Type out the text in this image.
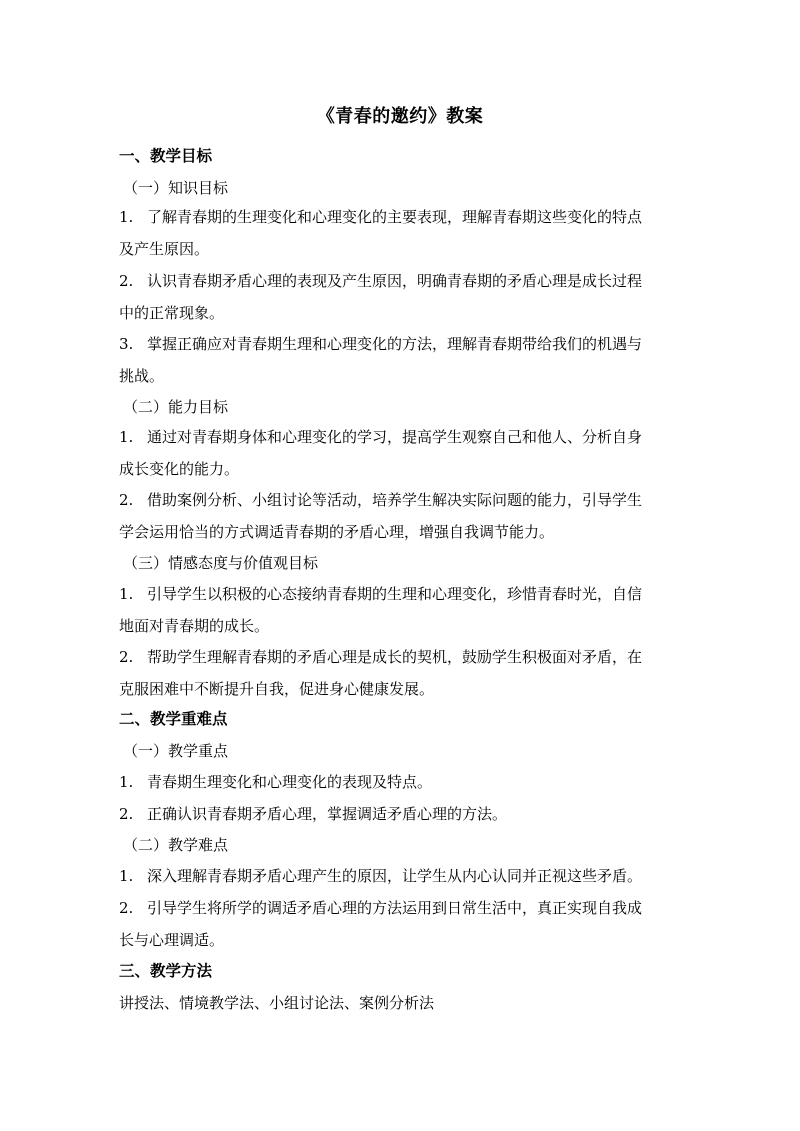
《青春的邀约》教案
一、教学目标
（一）知识目标
1. 了解青春期的生理变化和心理变化的主要表现，理解青春期这些变化的特点
及产生原因。
2. 认识青春期矛盾心理的表现及产生原因，明确青春期的矛盾心理是成长过程
中的正常现象。
3. 掌握正确应对青春期生理和心理变化的方法，理解青春期带给我们的机遇与
挑战。
（二）能力目标
1. 通过对青春期身体和心理变化的学习，提高学生观察自己和他人、分析自身
成长变化的能力。
2. 借助案例分析、小组讨论等活动，培养学生解决实际问题的能力，引导学生
学会运用恰当的方式调适青春期的矛盾心理，增强自我调节能力。
（三）情感态度与价值观目标
1. 引导学生以积极的心态接纳青春期的生理和心理变化，珍惜青春时光，自信
地面对青春期的成长。
2. 帮助学生理解青春期的矛盾心理是成长的契机，鼓励学生积极面对矛盾，在
克服困难中不断提升自我，促进身心健康发展。
二、教学重难点
（一）教学重点
1. 青春期生理变化和心理变化的表现及特点。
2. 正确认识青春期矛盾心理，掌握调适矛盾心理的方法。
（二）教学难点
1. 深入理解青春期矛盾心理产生的原因，让学生从内心认同并正视这些矛盾。
2. 引导学生将所学的调适矛盾心理的方法运用到日常生活中，真正实现自我成
长与心理调适。
三、教学方法
讲授法、情境教学法、小组讨论法、案例分析法
